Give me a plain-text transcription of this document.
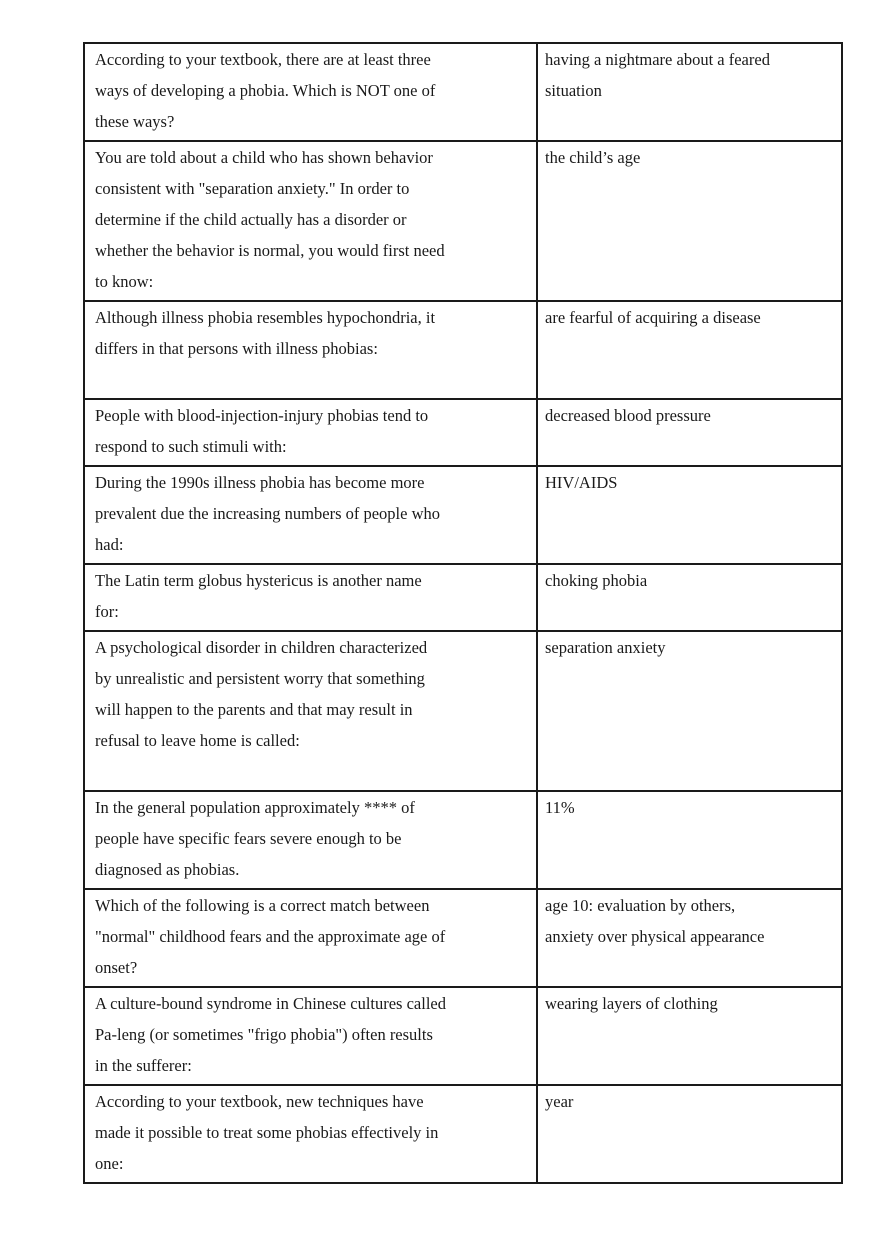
According to your textbook, there are at least three ways of developing a phobia. Which is NOT one of these ways?	having a nightmare about a feared situation
You are told about a child who has shown behavior consistent with "separation anxiety." In order to determine if the child actually has a disorder or whether the behavior is normal, you would first need to know:	the child’s age
Although illness phobia resembles hypochondria, it differs in that persons with illness phobias:	are fearful of acquiring a disease
People with blood-injection-injury phobias tend to respond to such stimuli with:	decreased blood pressure
During the 1990s illness phobia has become more prevalent due the increasing numbers of people who had:	HIV/AIDS
The Latin term globus hystericus is another name for:	choking phobia
A psychological disorder in children characterized by unrealistic and persistent worry that something will happen to the parents and that may result in refusal to leave home is called:	separation anxiety
In the general population approximately **** of people have specific fears severe enough to be diagnosed as phobias.	11%
Which of the following is a correct match between "normal" childhood fears and the approximate age of onset?	age 10: evaluation by others, anxiety over physical appearance
A culture-bound syndrome in Chinese cultures called Pa-leng (or sometimes "frigo phobia") often results in the sufferer:	wearing layers of clothing
According to your textbook, new techniques have made it possible to treat some phobias effectively in one:	year
